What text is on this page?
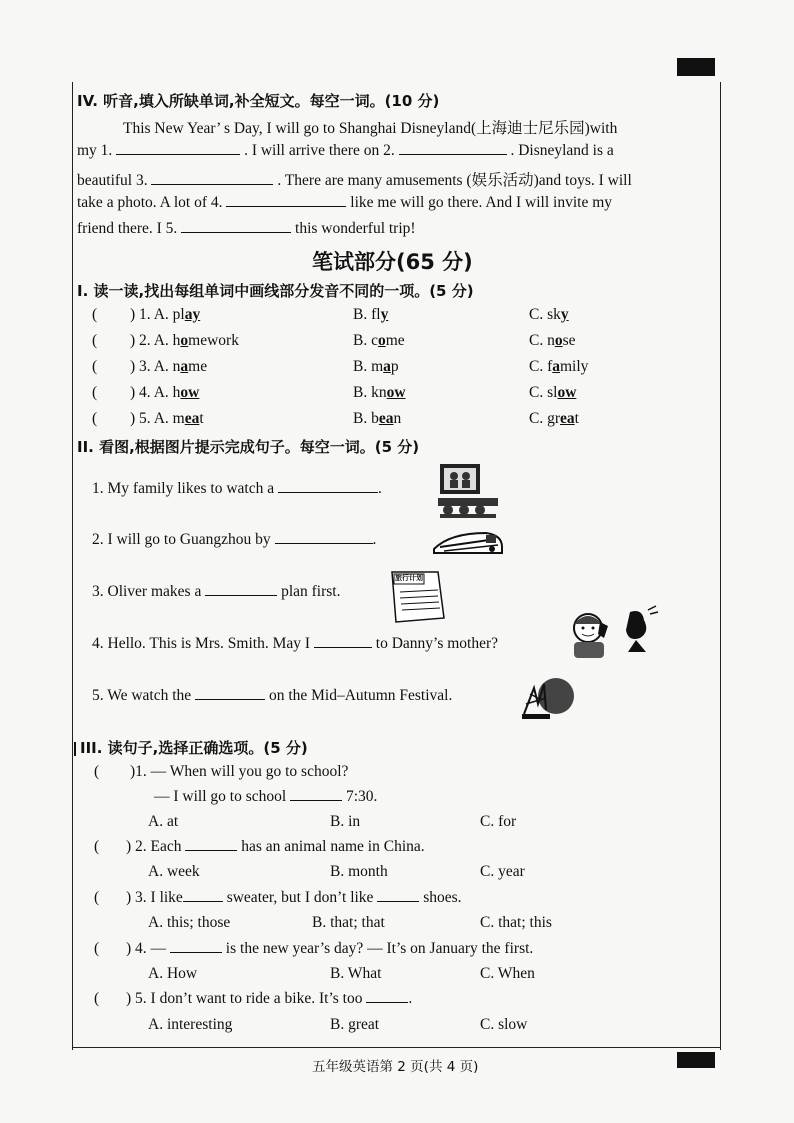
IV. 听音,填入所缺单词,补全短文。每空一词。(10 分)
This New Year’ s Day, I will go to Shanghai Disneyland(上海迪士尼乐园)with
my 1.	. I will arrive there on 2.	. Disneyland is a
beautiful 3.	. There are many amusements (娱乐活动)and toys. I will
take a photo. A lot of 4.	like me will go there. And I will invite my
friend there. I 5.	this wonderful trip!
笔试部分(65 分)
I. 读一读,找出每组单词中画线部分发音不同的一项。(5 分)
( ) 1. A. play	B. fly	C. sky
( ) 2. A. homework	B. come	C. nose
( ) 3. A. name	B. map	C. family
( ) 4. A. how	B. know	C. slow
( ) 5. A. meat	B. bean	C. great
II. 看图,根据图片提示完成句子。每空一词。(5 分)
1. My family likes to watch a	.
2. I will go to Guangzhou by	.
3. Oliver makes a	plan first.
4. Hello. This is Mrs. Smith. May I	to Danny’s mother?
5. We watch the	on the Mid–Autumn Festival.
旅行计划
III. 读句子,选择正确选项。(5 分)
( )1. — When will you go to school?
— I will go to school	7:30.
A. at	B. in	C. for
( ) 2. Each	has an animal name in China.
A. week	B. month	C. year
( ) 3. I like	sweater, but I don’t like	shoes.
A. this; those	B. that; that	C. that; this
( ) 4. —	is the new year’s day? — It’s on January the first.
A. How	B. What	C. When
( ) 5. I don’t want to ride a bike. It’s too	.
A. interesting	B. great	C. slow
五年级英语第 2 页(共 4 页)
